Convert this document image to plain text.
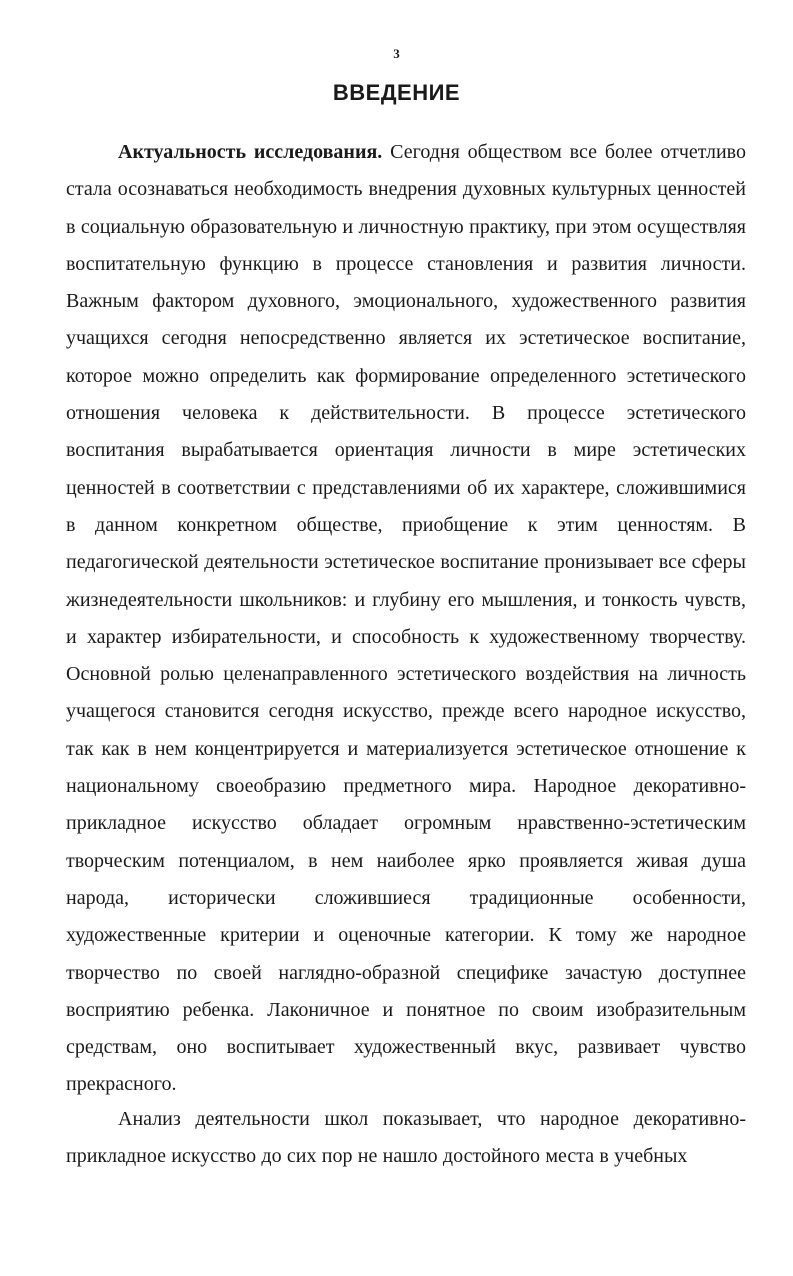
3
ВВЕДЕНИЕ

Актуальность исследования. Сегодня обществом все более отчетливо стала осознаваться необходимость внедрения духовных культурных ценностей в социальную образовательную и личностную практику, при этом осуществляя воспитательную функцию в процессе становления и развития личности. Важным фактором духовного, эмоционального, художественного развития учащихся сегодня непосредственно является их эстетическое воспитание, которое можно определить как формирование определенного эстетического отношения человека к действительности. В процессе эстетического воспитания вырабатывается ориентация личности в мире эстетических ценностей в соответствии с представлениями об их характере, сложившимися в данном конкретном обществе, приобщение к этим ценностям. В педагогической деятельности эстетическое воспитание пронизывает все сферы жизнедеятельности школьников: и глубину его мышления, и тонкость чувств, и характер избирательности, и способность к художественному творчеству. Основной ролью целенаправленного эстетического воздействия на личность учащегося становится сегодня искусство, прежде всего народное искусство, так как в нем концентрируется и материализуется эстетическое отношение к национальному своеобразию предметного мира. Народное декоративно-прикладное искусство обладает огромным нравственно-эстетическим творческим потенциалом, в нем наиболее ярко проявляется живая душа народа, исторически сложившиеся традиционные особенности, художественные критерии и оценочные категории. К тому же народное творчество по своей наглядно-образной специфике зачастую доступнее восприятию ребенка. Лаконичное и понятное по своим изобразительным средствам, оно воспитывает художественный вкус, развивает чувство прекрасного.

Анализ деятельности школ показывает, что народное декоративно-прикладное искусство до сих пор не нашло достойного места в учебных
